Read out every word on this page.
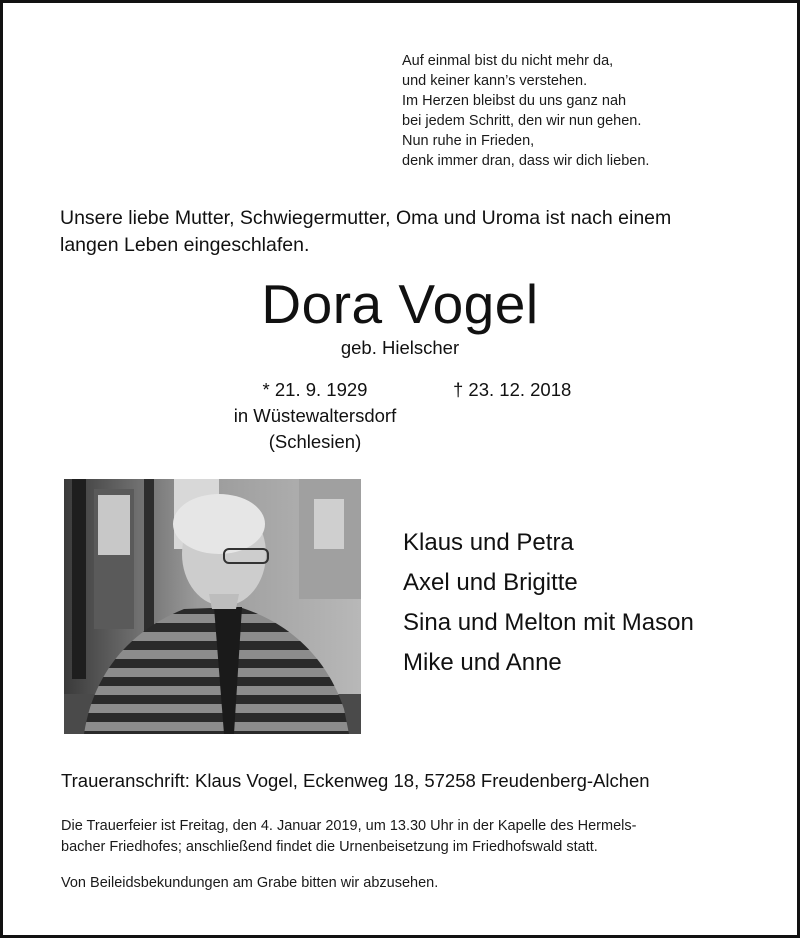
Auf einmal bist du nicht mehr da,
und keiner kann’s verstehen.
Im Herzen bleibst du uns ganz nah
bei jedem Schritt, den wir nun gehen.
Nun ruhe in Frieden,
denk immer dran, dass wir dich lieben.
Unsere liebe Mutter, Schwiegermutter, Oma und Uroma ist nach einem
langen Leben eingeschlafen.
Dora Vogel
geb. Hielscher
* 21. 9. 1929
in Wüstewaltersdorf
(Schlesien)
† 23. 12. 2018
Klaus und Petra
Axel und Brigitte
Sina und Melton mit Mason
Mike und Anne
Traueranschrift: Klaus Vogel, Eckenweg 18, 57258 Freudenberg-Alchen
Die Trauerfeier ist Freitag, den 4. Januar 2019, um 13.30 Uhr in der Kapelle des Hermels-
bacher Friedhofes; anschließend findet die Urnenbeisetzung im Friedhofswald statt.
Von Beileidsbekundungen am Grabe bitten wir abzusehen.
